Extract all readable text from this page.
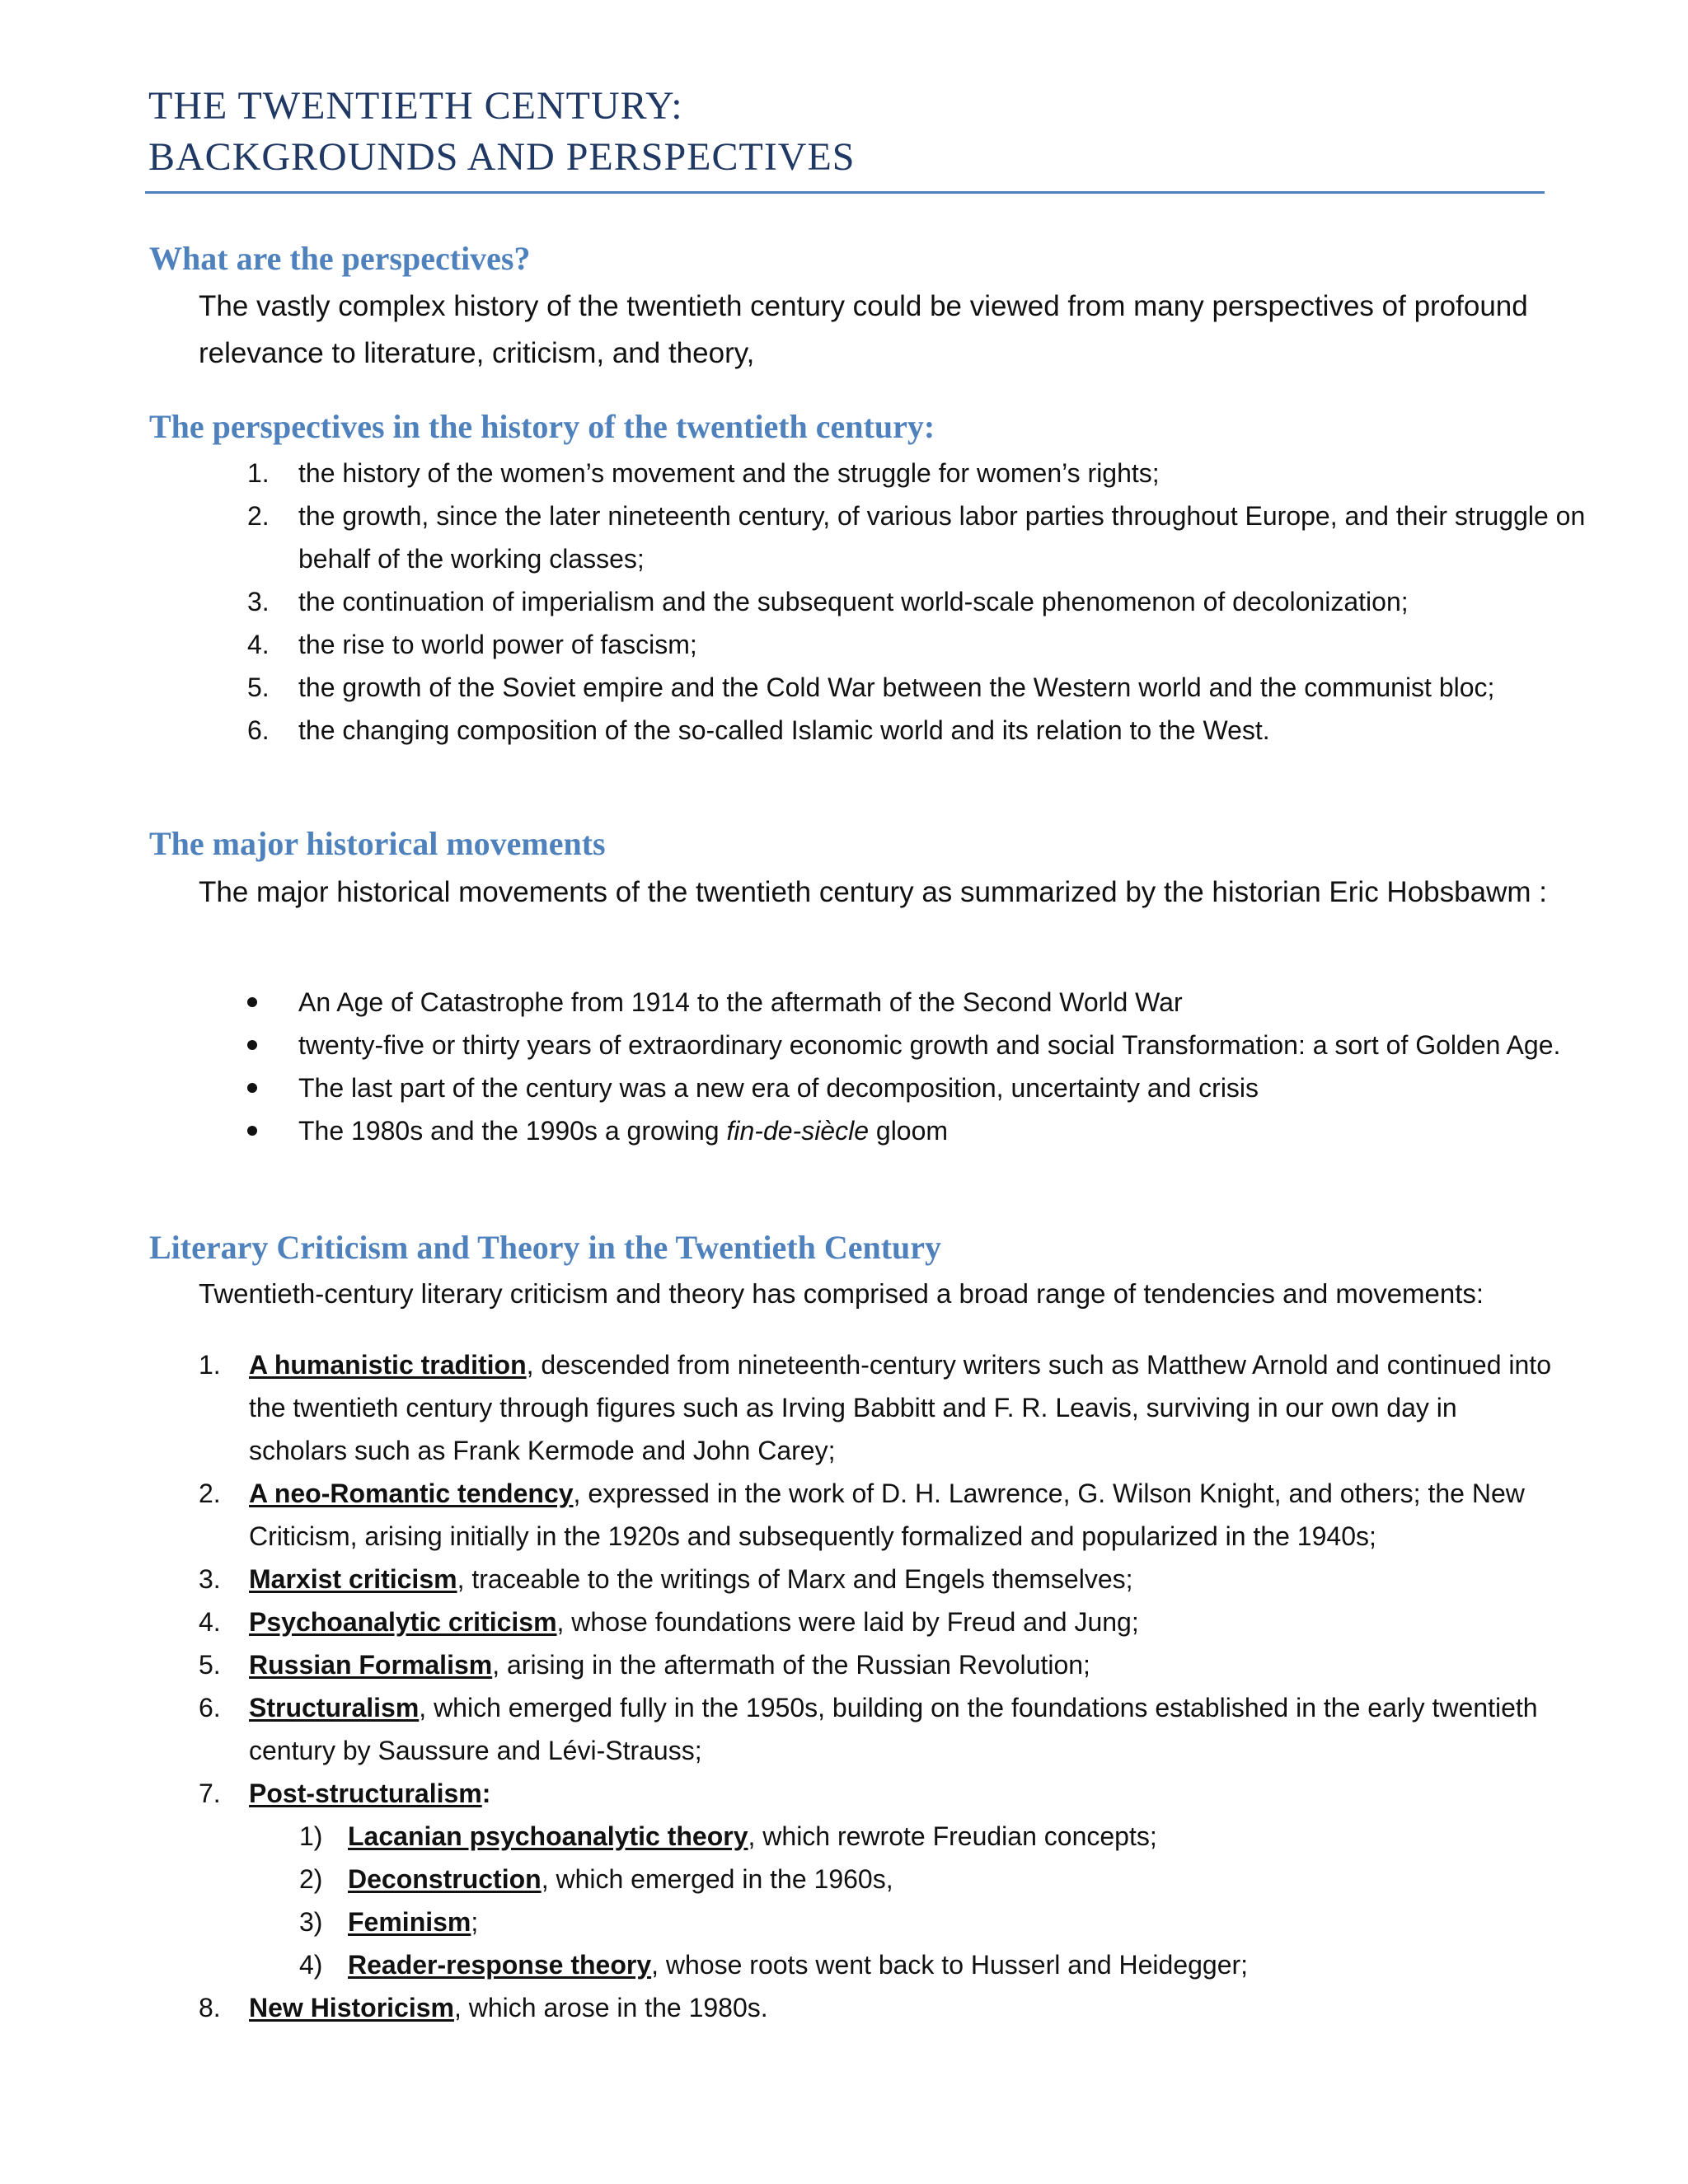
THE TWENTIETH CENTURY:
BACKGROUNDS AND PERSPECTIVES
What are the perspectives?
The vastly complex history of the twentieth century could be viewed from many perspectives of profound relevance to literature, criticism, and theory,
The perspectives in the history of the twentieth century:
1. the history of the women’s movement and the struggle for women’s rights;
2. the growth, since the later nineteenth century, of various labor parties throughout Europe, and their struggle on behalf of the working classes;
3. the continuation of imperialism and the subsequent world-scale phenomenon of decolonization;
4. the rise to world power of fascism;
5. the growth of the Soviet empire and the Cold War between the Western world and the communist bloc;
6. the changing composition of the so-called Islamic world and its relation to the West.
The major historical movements
The major historical movements of the twentieth century as summarized by the historian Eric Hobsbawm :
An Age of Catastrophe from 1914 to the aftermath of the Second World War
twenty-five or thirty years of extraordinary economic growth and social Transformation: a sort of Golden Age.
The last part of the century was a new era of decomposition, uncertainty and crisis
The 1980s and the 1990s a growing fin-de-siècle gloom
Literary Criticism and Theory in the Twentieth Century
Twentieth-century literary criticism and theory has comprised a broad range of tendencies and movements:
1. A humanistic tradition, descended from nineteenth-century writers such as Matthew Arnold and continued into the twentieth century through figures such as Irving Babbitt and F. R. Leavis, surviving in our own day in scholars such as Frank Kermode and John Carey;
2. A neo-Romantic tendency, expressed in the work of D. H. Lawrence, G. Wilson Knight, and others; the New Criticism, arising initially in the 1920s and subsequently formalized and popularized in the 1940s;
3. Marxist criticism, traceable to the writings of Marx and Engels themselves;
4. Psychoanalytic criticism, whose foundations were laid by Freud and Jung;
5. Russian Formalism, arising in the aftermath of the Russian Revolution;
6. Structuralism, which emerged fully in the 1950s, building on the foundations established in the early twentieth century by Saussure and Lévi-Strauss;
7. Post-structuralism:
1) Lacanian psychoanalytic theory, which rewrote Freudian concepts;
2) Deconstruction, which emerged in the 1960s,
3) Feminism;
4) Reader-response theory, whose roots went back to Husserl and Heidegger;
8. New Historicism, which arose in the 1980s.
